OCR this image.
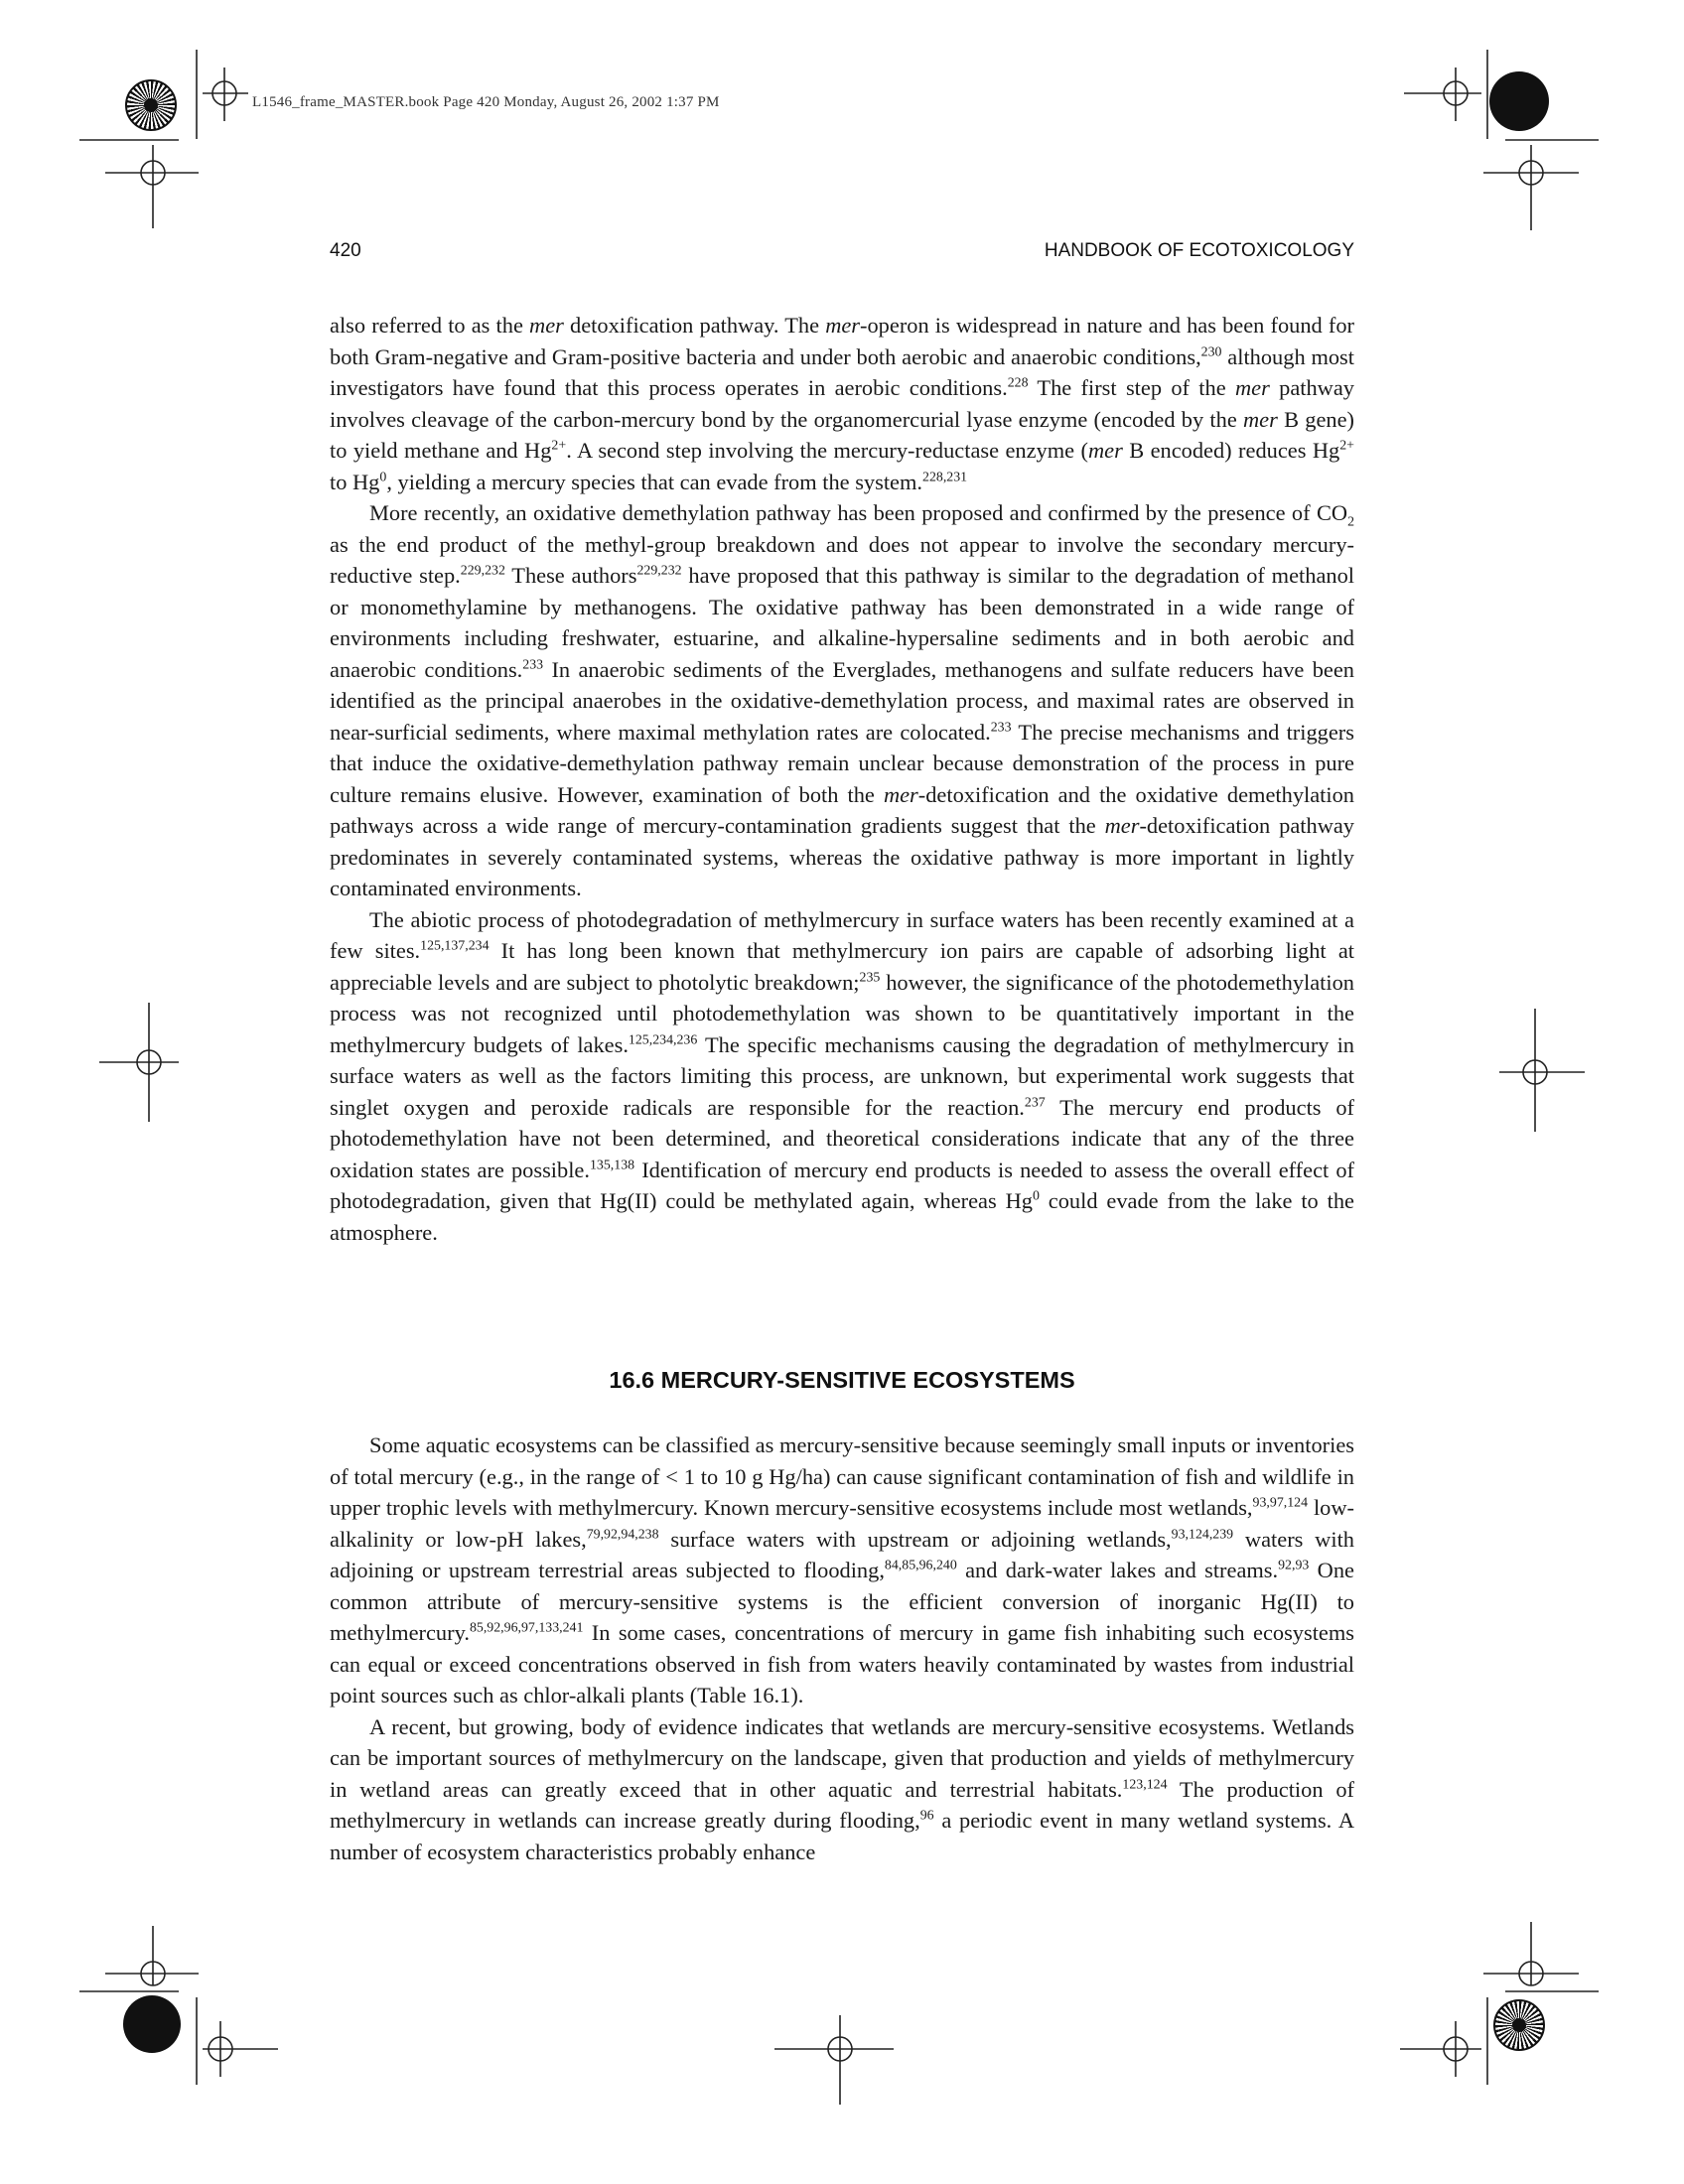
L1546_frame_MASTER.book Page 420 Monday, August 26, 2002 1:37 PM
420	HANDBOOK OF ECOTOXICOLOGY

also referred to as the mer detoxification pathway. The mer-operon is widespread in nature and has been found for both Gram-negative and Gram-positive bacteria and under both aerobic and anaerobic conditions,$^{230}$ although most investigators have found that this process operates in aerobic conditions.$^{228}$ The first step of the mer pathway involves cleavage of the carbon-mercury bond by the organomercurial lyase enzyme (encoded by the mer B gene) to yield methane and $Hg^{2+}$. A second step involving the mercury-reductase enzyme (mer B encoded) reduces $Hg^{2+}$ to Hg$^0$, yielding a mercury species that can evade from the system.$^{228,231}$

More recently, an oxidative demethylation pathway has been proposed and confirmed by the presence of $CO_2$ as the end product of the methyl-group breakdown and does not appear to involve the secondary mercury-reductive step.$^{229,232}$ These authors$^{229,232}$ have proposed that this pathway is similar to the degradation of methanol or monomethylamine by methanogens. The oxidative pathway has been demonstrated in a wide range of environments including freshwater, estuarine, and alkaline-hypersaline sediments and in both aerobic and anaerobic conditions.$^{233}$ In anaerobic sediments of the Everglades, methanogens and sulfate reducers have been identified as the principal anaerobes in the oxidative-demethylation process, and maximal rates are observed in near-surficial sediments, where maximal methylation rates are colocated.$^{233}$ The precise mechanisms and triggers that induce the oxidative-demethylation pathway remain unclear because demonstration of the process in pure culture remains elusive. However, examination of both the mer-detoxification and the oxidative demethylation pathways across a wide range of mercury-contamination gradients suggest that the mer-detoxification pathway predominates in severely contaminated systems, whereas the oxidative pathway is more important in lightly contaminated environments.

The abiotic process of photodegradation of methylmercury in surface waters has been recently examined at a few sites.$^{125,137,234}$ It has long been known that methylmercury ion pairs are capable of adsorbing light at appreciable levels and are subject to photolytic breakdown;$^{235}$ however, the significance of the photodemethylation process was not recognized until photodemethylation was shown to be quantitatively important in the methylmercury budgets of lakes.$^{125,234,236}$ The specific mechanisms causing the degradation of methylmercury in surface waters as well as the factors limiting this process, are unknown, but experimental work suggests that singlet oxygen and peroxide radicals are responsible for the reaction.$^{237}$ The mercury end products of photodemethylation have not been determined, and theoretical considerations indicate that any of the three oxidation states are possible.$^{135,138}$ Identification of mercury end products is needed to assess the overall effect of photodegradation, given that Hg(II) could be methylated again, whereas Hg$^0$ could evade from the lake to the atmosphere.

16.6 MERCURY-SENSITIVE ECOSYSTEMS

Some aquatic ecosystems can be classified as mercury-sensitive because seemingly small inputs or inventories of total mercury (e.g., in the range of < 1 to 10 g Hg/ha) can cause significant contamination of fish and wildlife in upper trophic levels with methylmercury. Known mercury-sensitive ecosystems include most wetlands,$^{93,97,124}$ low-alkalinity or low-pH lakes,$^{79,92,94,238}$ surface waters with upstream or adjoining wetlands,$^{93,124,239}$ waters with adjoining or upstream terrestrial areas subjected to flooding,$^{84,85,96,240}$ and dark-water lakes and streams.$^{92,93}$ One common attribute of mercury-sensitive systems is the efficient conversion of inorganic Hg(II) to methylmercury.$^{85,92,96,97,133,241}$ In some cases, concentrations of mercury in game fish inhabiting such ecosystems can equal or exceed concentrations observed in fish from waters heavily contaminated by wastes from industrial point sources such as chlor-alkali plants (Table 16.1).

A recent, but growing, body of evidence indicates that wetlands are mercury-sensitive ecosystems. Wetlands can be important sources of methylmercury on the landscape, given that production and yields of methylmercury in wetland areas can greatly exceed that in other aquatic and terrestrial habitats.$^{123,124}$ The production of methylmercury in wetlands can increase greatly during flooding,$^{96}$ a periodic event in many wetland systems. A number of ecosystem characteristics probably enhance
